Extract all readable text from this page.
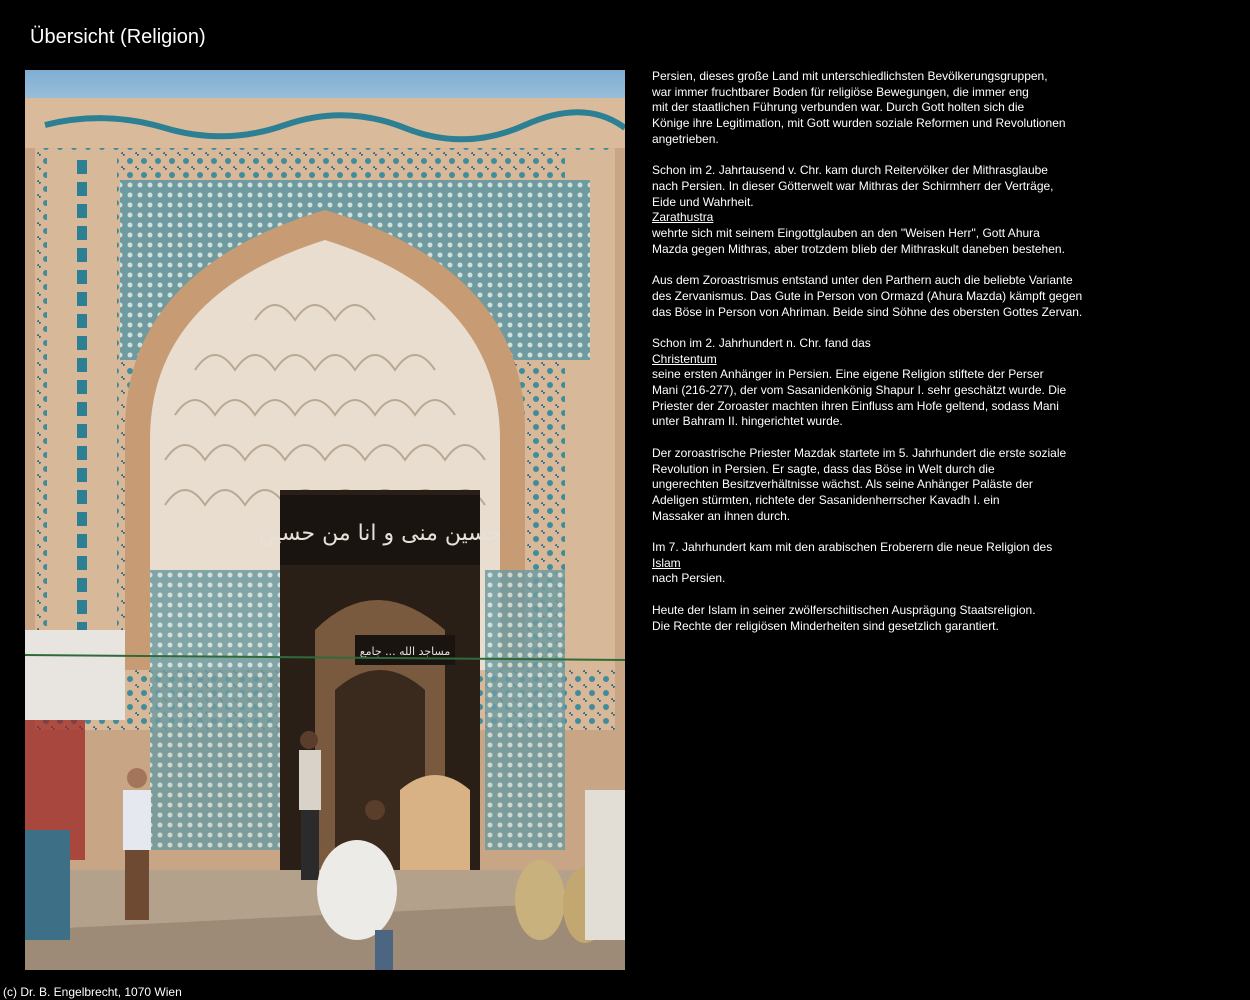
Übersicht (Religion)
حسین منی و انا من حسین
مساجد الله ... جامع

Persien, dieses große Land mit unterschiedlichsten Bevölkerungsgruppen,
war immer fruchtbarer Boden für religiöse Bewegungen, die immer eng
mit der staatlichen Führung verbunden war. Durch Gott holten sich die
Könige ihre Legitimation, mit Gott wurden soziale Reformen und Revolutionen
angetrieben.

Schon im 2. Jahrtausend v. Chr. kam durch Reitervölker der Mithrasglaube
nach Persien. In dieser Götterwelt war Mithras der Schirmherr der Verträge,
Eide und Wahrheit.
Zarathustra
wehrte sich mit seinem Eingottglauben an den "Weisen Herr", Gott Ahura
Mazda gegen Mithras, aber trotzdem blieb der Mithraskult daneben bestehen.

Aus dem Zoroastrismus entstand unter den Parthern auch die beliebte Variante
des Zervanismus. Das Gute in Person von Ormazd (Ahura Mazda) kämpft gegen
das Böse in Person von Ahriman. Beide sind Söhne des obersten Gottes Zervan.

Schon im 2. Jahrhundert n. Chr. fand das
Christentum
seine ersten Anhänger in Persien. Eine eigene Religion stiftete der Perser
Mani (216-277), der vom Sasanidenkönig Shapur I. sehr geschätzt wurde. Die
Priester der Zoroaster machten ihren Einfluss am Hofe geltend, sodass Mani
unter Bahram II. hingerichtet wurde.

Der zoroastrische Priester Mazdak startete im 5. Jahrhundert die erste soziale
Revolution in Persien. Er sagte, dass das Böse in Welt durch die
ungerechten Besitzverhältnisse wächst. Als seine Anhänger Paläste der
Adeligen stürmten, richtete der Sasanidenherrscher Kavadh I. ein
Massaker an ihnen durch.

Im 7. Jahrhundert kam mit den arabischen Eroberern die neue Religion des
Islam
nach Persien.

Heute der Islam in seiner zwölferschiitischen Ausprägung Staatsreligion.
Die Rechte der religiösen Minderheiten sind gesetzlich garantiert.

(c) Dr. B. Engelbrecht, 1070 Wien
